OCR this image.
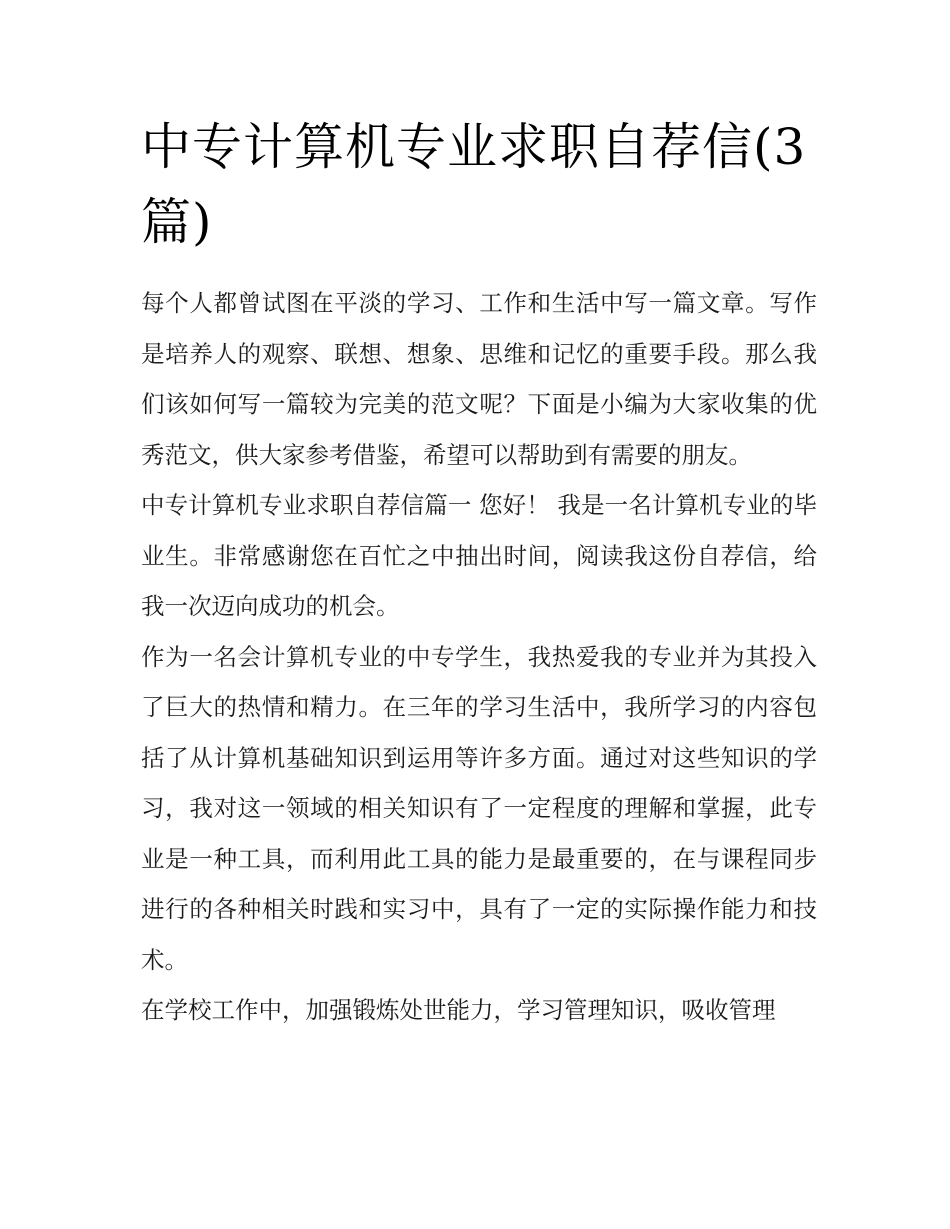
中专计算机专业求职自荐信(3篇)

每个人都曾试图在平淡的学习、工作和生活中写一篇文章。写作是培养人的观察、联想、想象、思维和记忆的重要手段。那么我们该如何写一篇较为完美的范文呢？下面是小编为大家收集的优秀范文，供大家参考借鉴，希望可以帮助到有需要的朋友。

中专计算机专业求职自荐信篇一 您好！ 我是一名计算机专业的毕业生。非常感谢您在百忙之中抽出时间，阅读我这份自荐信，给我一次迈向成功的机会。

作为一名会计算机专业的中专学生，我热爱我的专业并为其投入了巨大的热情和精力。在三年的学习生活中，我所学习的内容包括了从计算机基础知识到运用等许多方面。通过对这些知识的学习，我对这一领域的相关知识有了一定程度的理解和掌握，此专业是一种工具，而利用此工具的能力是最重要的，在与课程同步进行的各种相关时践和实习中，具有了一定的实际操作能力和技术。

在学校工作中，加强锻炼处世能力，学习管理知识，吸收管理
